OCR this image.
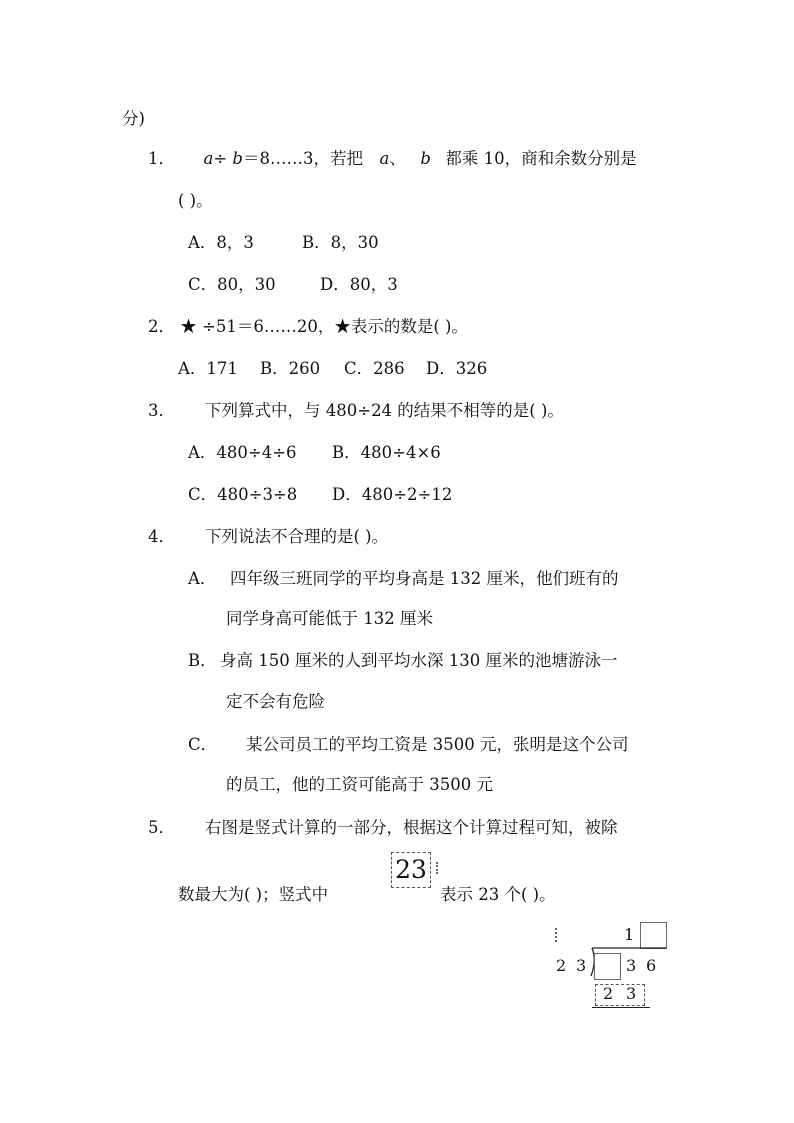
分)
1． a÷ b＝8……3，若把 a、 b 都乘 10，商和余数分别是
( )。
A．8，3	B．8，30
C．80，30	D．80，3
2． ★ ÷51＝6……20，★表示的数是( )。
A．171 B．260 C．286 D．326
3． 下列算式中，与 480÷24 的结果不相等的是( )。
A．480÷4÷6 B．480÷4×6
C．480÷3÷8 D．480÷2÷12
4． 下列说法不合理的是( )。
A． 四年级三班同学的平均身高是 132 厘米，他们班有的
同学身高可能低于 132 厘米
B． 身高 150 厘米的人到平均水深 130 厘米的池塘游泳一
定不会有危险
C． 某公司员工的平均工资是 3500 元，张明是这个公司
的员工，他的工资可能高于 3500 元
5． 右图是竖式计算的一部分，根据这个计算过程可知，被除
数最大为( )；竖式中
23
表示 23 个( )。
1
2 3 3 6
2 3
